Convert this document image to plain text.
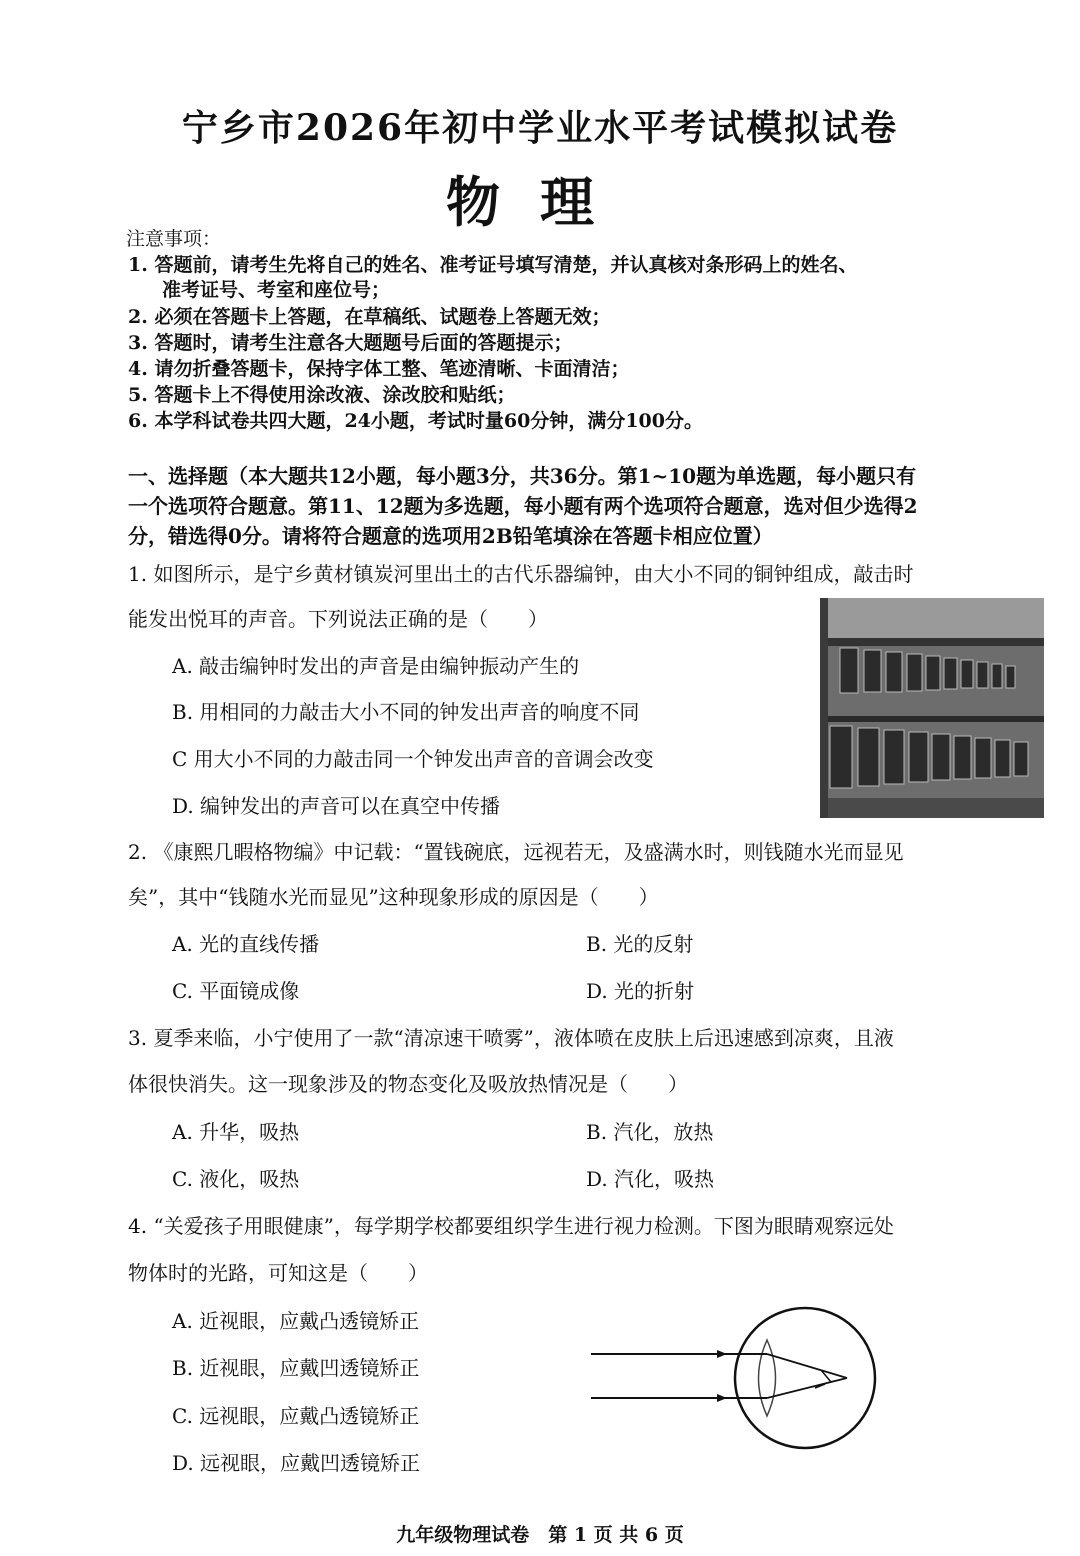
宁乡市2026年初中学业水平考试模拟试卷
物理
注意事项：
1. 答题前，请考生先将自己的姓名、准考证号填写清楚，并认真核对条形码上的姓名、
准考证号、考室和座位号；
2. 必须在答题卡上答题，在草稿纸、试题卷上答题无效；
3. 答题时，请考生注意各大题题号后面的答题提示；
4. 请勿折叠答题卡，保持字体工整、笔迹清晰、卡面清洁；
5. 答题卡上不得使用涂改液、涂改胶和贴纸；
6. 本学科试卷共四大题，24小题，考试时量60分钟，满分100分。
一、选择题（本大题共12小题，每小题3分，共36分。第1~10题为单选题，每小题只有
一个选项符合题意。第11、12题为多选题，每小题有两个选项符合题意，选对但少选得2
分，错选得0分。请将符合题意的选项用2B铅笔填涂在答题卡相应位置）
1. 如图所示，是宁乡黄材镇炭河里出土的古代乐器编钟，由大小不同的铜钟组成，敲击时
能发出悦耳的声音。下列说法正确的是（　　）
A. 敲击编钟时发出的声音是由编钟振动产生的
B. 用相同的力敲击大小不同的钟发出声音的响度不同
C 用大小不同的力敲击同一个钟发出声音的音调会改变
D. 编钟发出的声音可以在真空中传播
2. 《康熙几暇格物编》中记载：“置钱碗底，远视若无，及盛满水时，则钱随水光而显见
矣”，其中“钱随水光而显见”这种现象形成的原因是（　　）
A. 光的直线传播	B. 光的反射
C. 平面镜成像	D. 光的折射
3. 夏季来临，小宁使用了一款“清凉速干喷雾”，液体喷在皮肤上后迅速感到凉爽，且液
体很快消失。这一现象涉及的物态变化及吸放热情况是（　　）
A. 升华，吸热	B. 汽化，放热
C. 液化，吸热	D. 汽化，吸热
4. “关爱孩子用眼健康”，每学期学校都要组织学生进行视力检测。下图为眼睛观察远处
物体时的光路，可知这是（　　）
A. 近视眼，应戴凸透镜矫正
B. 近视眼，应戴凹透镜矫正
C. 远视眼，应戴凸透镜矫正
D. 远视眼，应戴凹透镜矫正
九年级物理试卷　第 1 页 共 6 页
